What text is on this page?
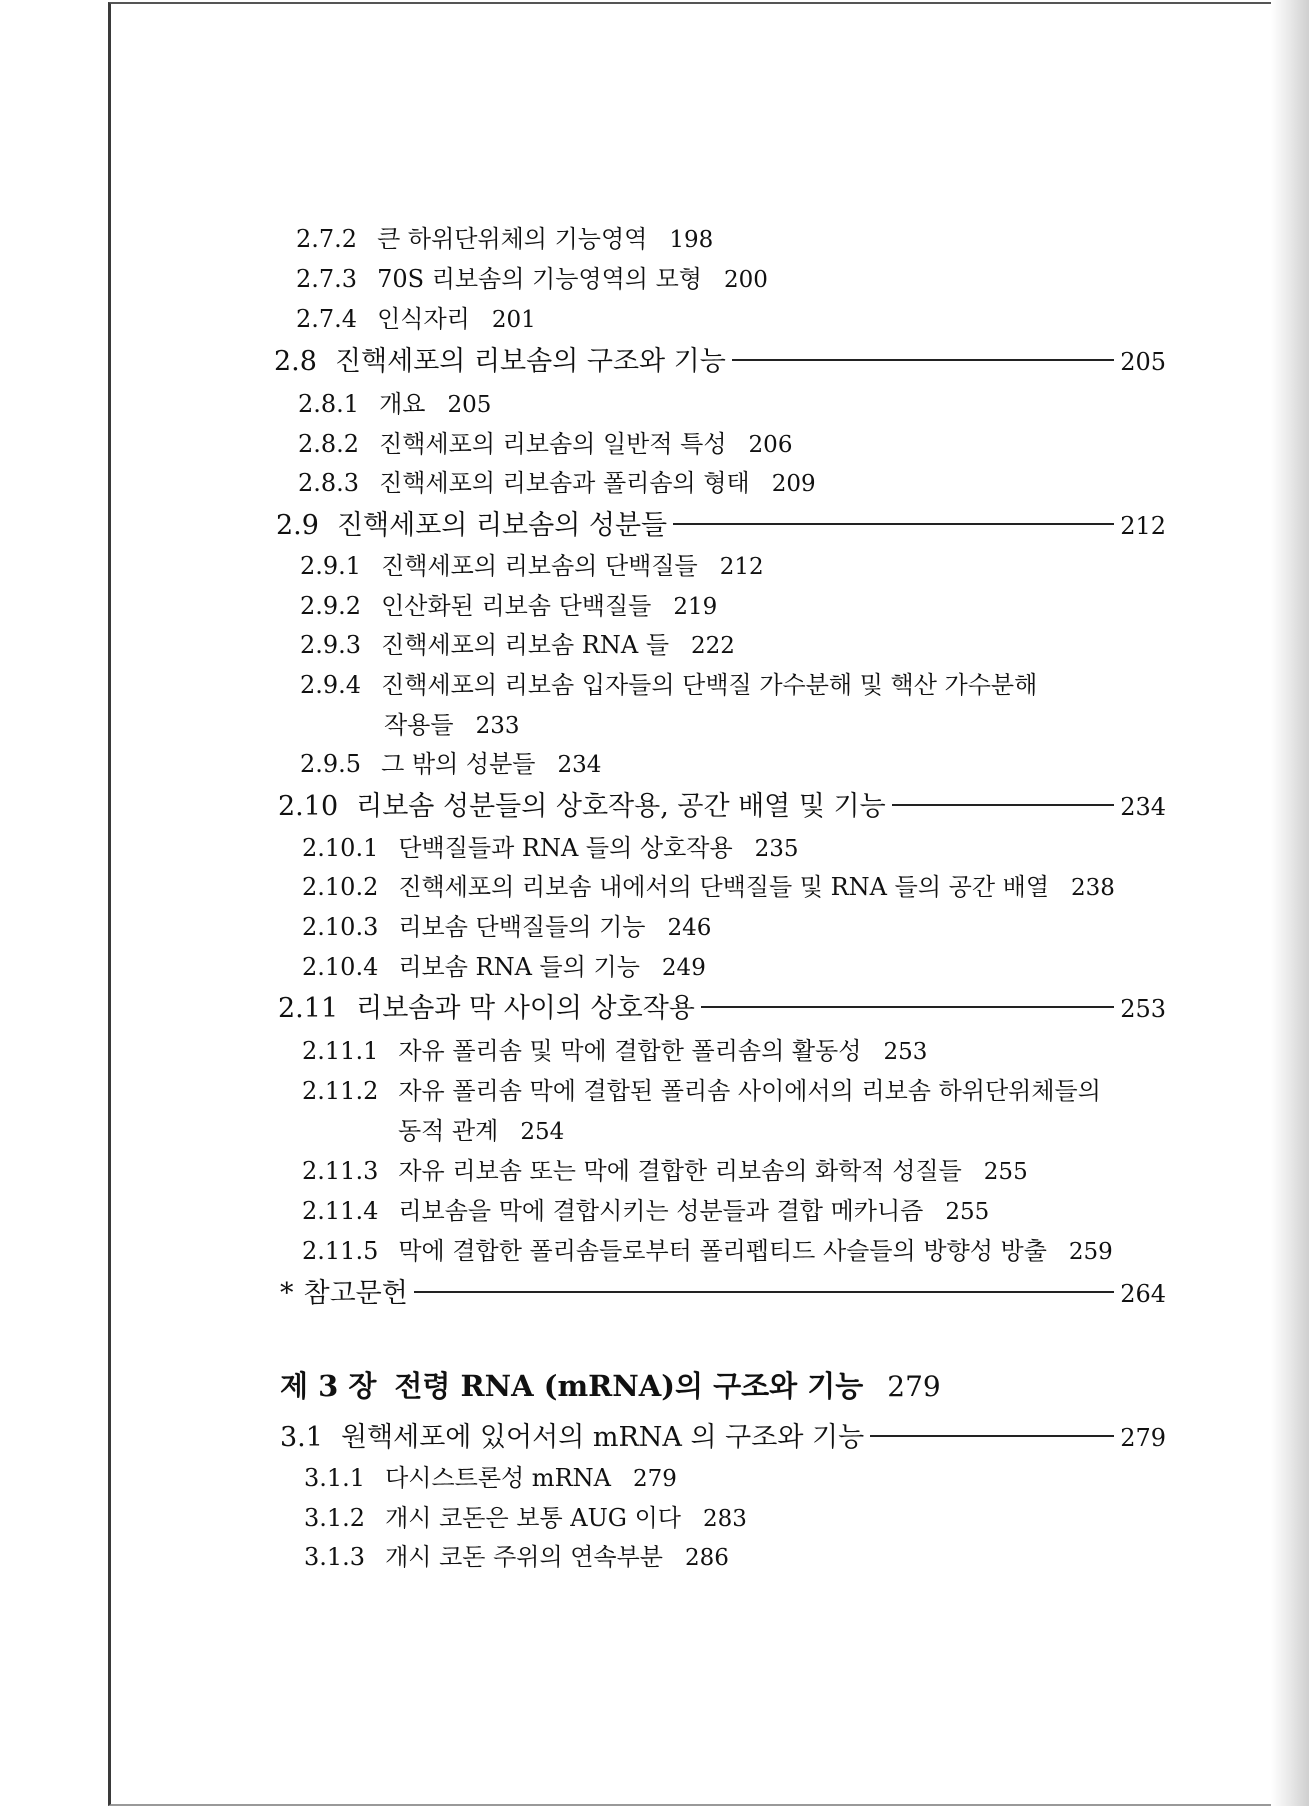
2.7.2 큰 하위단위체의 기능영역 198
2.7.3 70S 리보솜의 기능영역의 모형 200
2.7.4 인식자리 201
2.8 진핵세포의 리보솜의 구조와 기능	205
2.8.1 개요 205
2.8.2 진핵세포의 리보솜의 일반적 특성 206
2.8.3 진핵세포의 리보솜과 폴리솜의 형태 209
2.9 진핵세포의 리보솜의 성분들	212
2.9.1 진핵세포의 리보솜의 단백질들 212
2.9.2 인산화된 리보솜 단백질들 219
2.9.3 진핵세포의 리보솜 RNA 들 222
2.9.4 진핵세포의 리보솜 입자들의 단백질 가수분해 및 핵산 가수분해
작용들 233
2.9.5 그 밖의 성분들 234
2.10 리보솜 성분들의 상호작용, 공간 배열 및 기능	234
2.10.1 단백질들과 RNA 들의 상호작용 235
2.10.2 진핵세포의 리보솜 내에서의 단백질들 및 RNA 들의 공간 배열 238
2.10.3 리보솜 단백질들의 기능 246
2.10.4 리보솜 RNA 들의 기능 249
2.11 리보솜과 막 사이의 상호작용	253
2.11.1 자유 폴리솜 및 막에 결합한 폴리솜의 활동성 253
2.11.2 자유 폴리솜 막에 결합된 폴리솜 사이에서의 리보솜 하위단위체들의
동적 관계 254
2.11.3 자유 리보솜 또는 막에 결합한 리보솜의 화학적 성질들 255
2.11.4 리보솜을 막에 결합시키는 성분들과 결합 메카니즘 255
2.11.5 막에 결합한 폴리솜들로부터 폴리펩티드 사슬들의 방향성 방출 259
* 참고문헌	264
제 3 장 전령 RNA (mRNA)의 구조와 기능 279
3.1 원핵세포에 있어서의 mRNA 의 구조와 기능	279
3.1.1 다시스트론성 mRNA 279
3.1.2 개시 코돈은 보통 AUG 이다 283
3.1.3 개시 코돈 주위의 연속부분 286
